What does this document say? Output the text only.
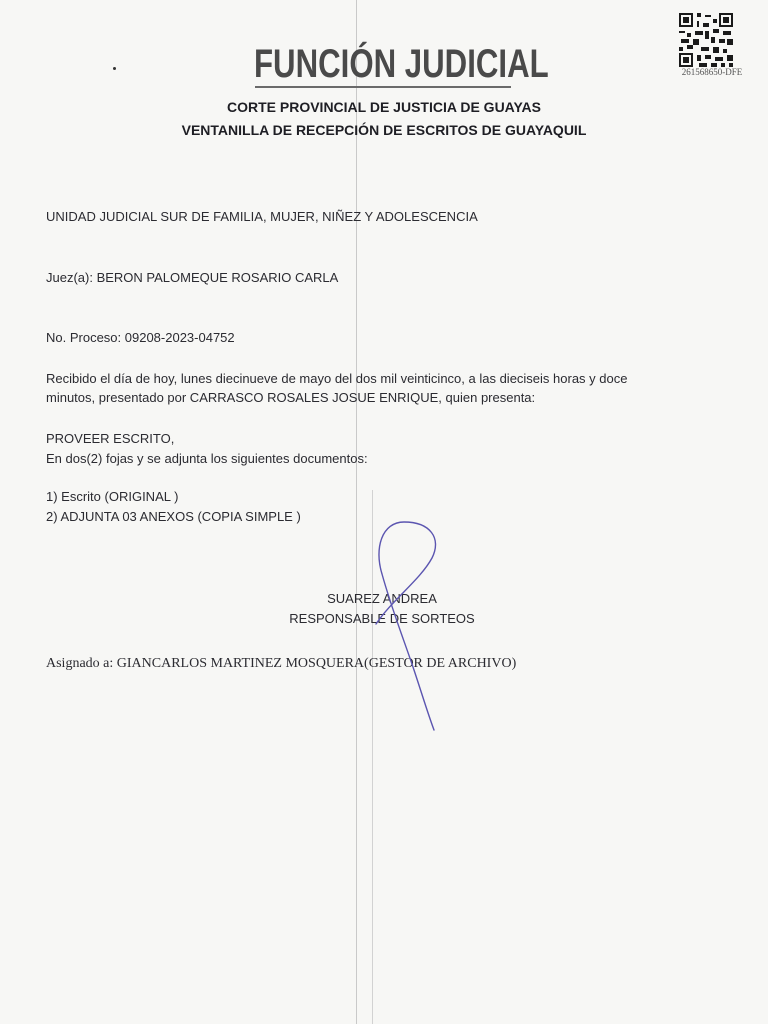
FUNCIÓN JUDICIAL	261568650-DFE
CORTE PROVINCIAL DE JUSTICIA DE GUAYAS
VENTANILLA DE RECEPCIÓN DE ESCRITOS DE GUAYAQUIL
UNIDAD JUDICIAL SUR DE FAMILIA, MUJER, NIÑEZ Y ADOLESCENCIA
Juez(a): BERON PALOMEQUE ROSARIO CARLA
No. Proceso: 09208-2023-04752
Recibido el día de hoy, lunes diecinueve de mayo del dos mil veinticinco, a las dieciseis horas y doce
minutos, presentado por CARRASCO ROSALES JOSUE ENRIQUE, quien presenta:
PROVEER ESCRITO,
En dos(2) fojas y se adjunta los siguientes documentos:
1) Escrito (ORIGINAL )
2) ADJUNTA 03 ANEXOS (COPIA SIMPLE )
SUAREZ ANDREA
RESPONSABLE DE SORTEOS
Asignado a: GIANCARLOS MARTINEZ MOSQUERA(GESTOR DE ARCHIVO)
